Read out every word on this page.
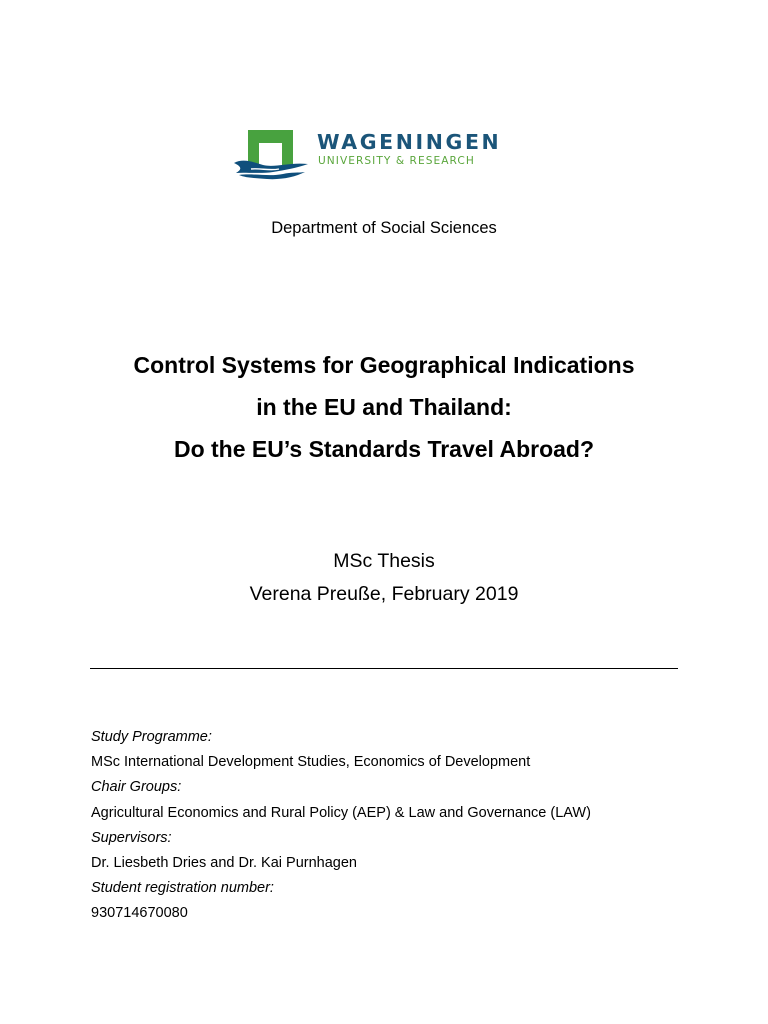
WAGENINGEN
UNIVERSITY & RESEARCH
Department of Social Sciences
Control Systems for Geographical Indications
in the EU and Thailand:
Do the EU’s Standards Travel Abroad?
MSc Thesis
Verena Preuße, February 2019
Study Programme:
MSc International Development Studies, Economics of Development
Chair Groups:
Agricultural Economics and Rural Policy (AEP) & Law and Governance (LAW)
Supervisors:
Dr. Liesbeth Dries and Dr. Kai Purnhagen
Student registration number:
930714670080
